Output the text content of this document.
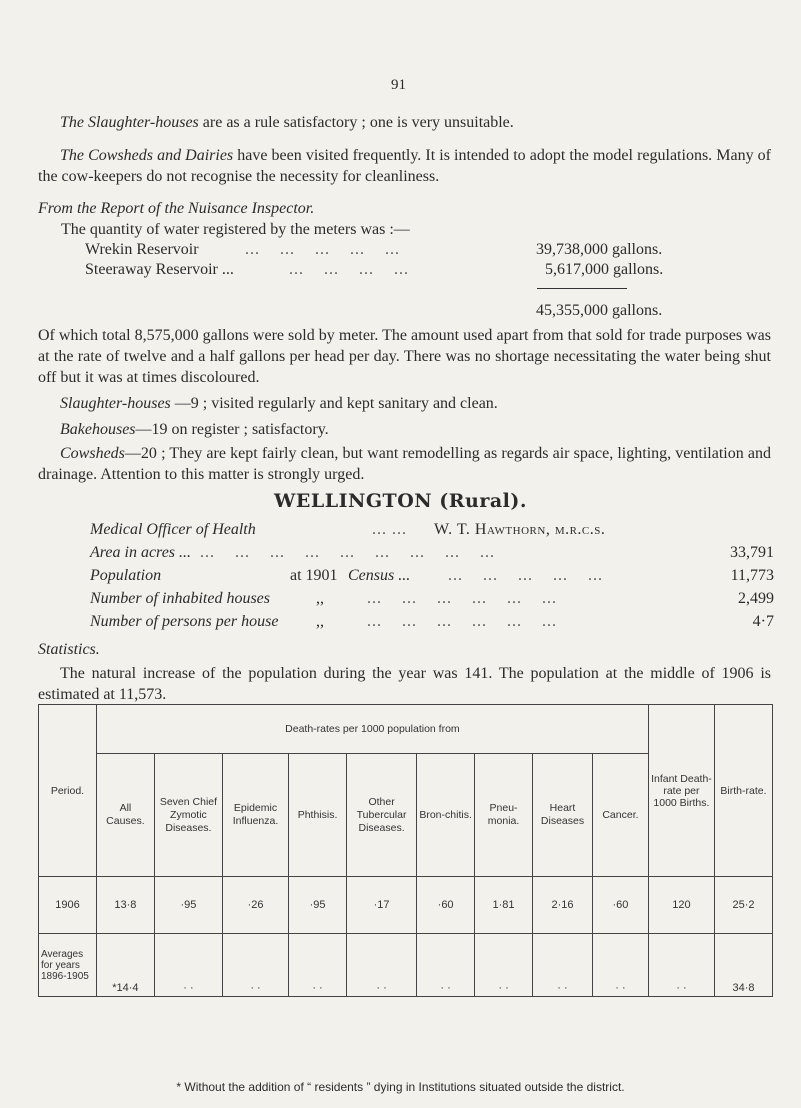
91
The Slaughter-houses are as a rule satisfactory ; one is very unsuitable.
The Cowsheds and Dairies have been visited frequently. It is intended to adopt the model regulations. Many of the cow-keepers do not recognise the necessity for cleanliness.
From the Report of the Nuisance Inspector.
The quantity of water registered by the meters was :—
Wrekin Reservoir	...    ...    ...    ...    ...	39,738,000 gallons.
Steeraway Reservoir ...	...    ...    ...    ...	5,617,000 gallons.
45,355,000 gallons.
Of which total 8,575,000 gallons were sold by meter. The amount used apart from that sold for trade purposes was at the rate of twelve and a half gallons per head per day. There was no shortage necessitating the water being shut off but it was at times discoloured.
Slaughter-houses —9 ; visited regularly and kept sanitary and clean.
Bakehouses—19 on register ; satisfactory.
Cowsheds—20 ; They are kept fairly clean, but want remodelling as regards air space, lighting, ventilation and drainage. Attention to this matter is strongly urged.
WELLINGTON (Rural).
Medical Officer of Health	... ... W. T. Hawthorn, m.r.c.s.
Area in acres ... ...    ...    ...    ...    ...    ...    ...    ...    ...	33,791
Population	at 1901 Census ... ...    ...    ...    ...    ...	11,773
Number of inhabited houses	,,	...    ...    ...    ...    ...    ...	2,499
Number of persons per house ,,	...    ...    ...    ...    ...    ...	4·7
Statistics.
The natural increase of the population during the year was 141. The population at the middle of 1906 is estimated at 11,573.
Period.	Death-rates per 1000 population from									Infant Death-rate per 1000 Births.	Birth-rate.
	All Causes.	Seven Chief Zymotic Diseases.	Epidemic Influenza.	Phthisis.	Other Tubercular Diseases.	Bron-chitis.	Pneu-monia.	Heart Diseases	Cancer.		
1906	13·8	·95	·26	·95	·17	·60	1·81	2·16	·60	120	25·2
Averages for years 1896-1905	*14·4	· ·	· ·	· ·	· ·	· ·	· ·	· ·	· ·	· ·	34·8
* Without the addition of “ residents ” dying in Institutions situated outside the district.
